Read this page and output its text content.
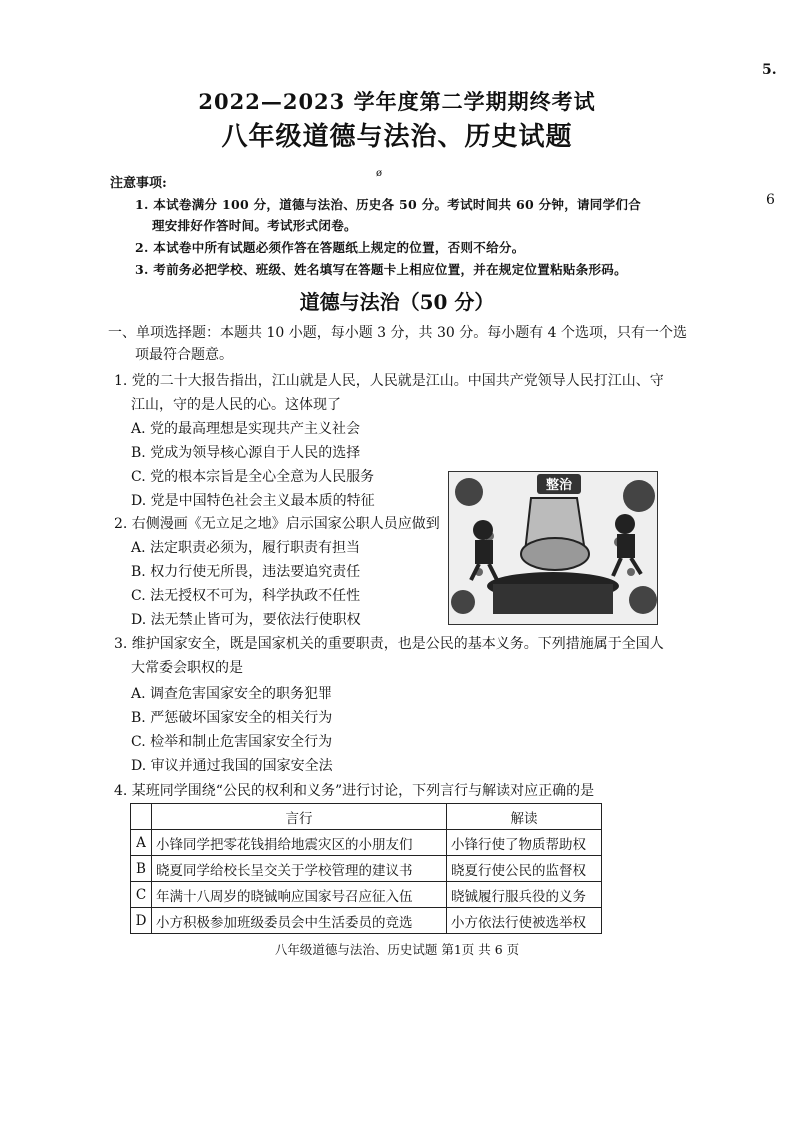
5.
6
ø
2022—2023 学年度第二学期期终考试
八年级道德与法治、历史试题
注意事项:
1. 本试卷满分 100 分，道德与法治、历史各 50 分。考试时间共 60 分钟，请同学们合
理安排好作答时间。考试形式闭卷。
2. 本试卷中所有试题必须作答在答题纸上规定的位置，否则不给分。
3. 考前务必把学校、班级、姓名填写在答题卡上相应位置，并在规定位置粘贴条形码。
道德与法治（50 分）
一、单项选择题：本题共 10 小题，每小题 3 分，共 30 分。每小题有 4 个选项，只有一个选
项最符合题意。
1. 党的二十大报告指出，江山就是人民，人民就是江山。中国共产党领导人民打江山、守
江山，守的是人民的心。这体现了
A. 党的最高理想是实现共产主义社会
B. 党成为领导核心源自于人民的选择
C. 党的根本宗旨是全心全意为人民服务
D. 党是中国特色社会主义最本质的特征
2. 右侧漫画《无立足之地》启示国家公职人员应做到
A. 法定职责必须为，履行职责有担当
B. 权力行使无所畏，违法要追究责任
C. 法无授权不可为，科学执政不任性
D. 法无禁止皆可为，要依法行使职权
整治
3. 维护国家安全，既是国家机关的重要职责，也是公民的基本义务。下列措施属于全国人
大常委会职权的是
A. 调查危害国家安全的职务犯罪
B. 严惩破坏国家安全的相关行为
C. 检举和制止危害国家安全行为
D. 审议并通过我国的国家安全法
4. 某班同学围绕“公民的权利和义务”进行讨论，下列言行与解读对应正确的是
	言行	解读
A	小锋同学把零花钱捐给地震灾区的小朋友们	小锋行使了物质帮助权
B	晓夏同学给校长呈交关于学校管理的建议书	晓夏行使公民的监督权
C	年满十八周岁的晓铖响应国家号召应征入伍	晓铖履行服兵役的义务
D	小方积极参加班级委员会中生活委员的竞选	小方依法行使被选举权
八年级道德与法治、历史试题 第1页 共 6 页
